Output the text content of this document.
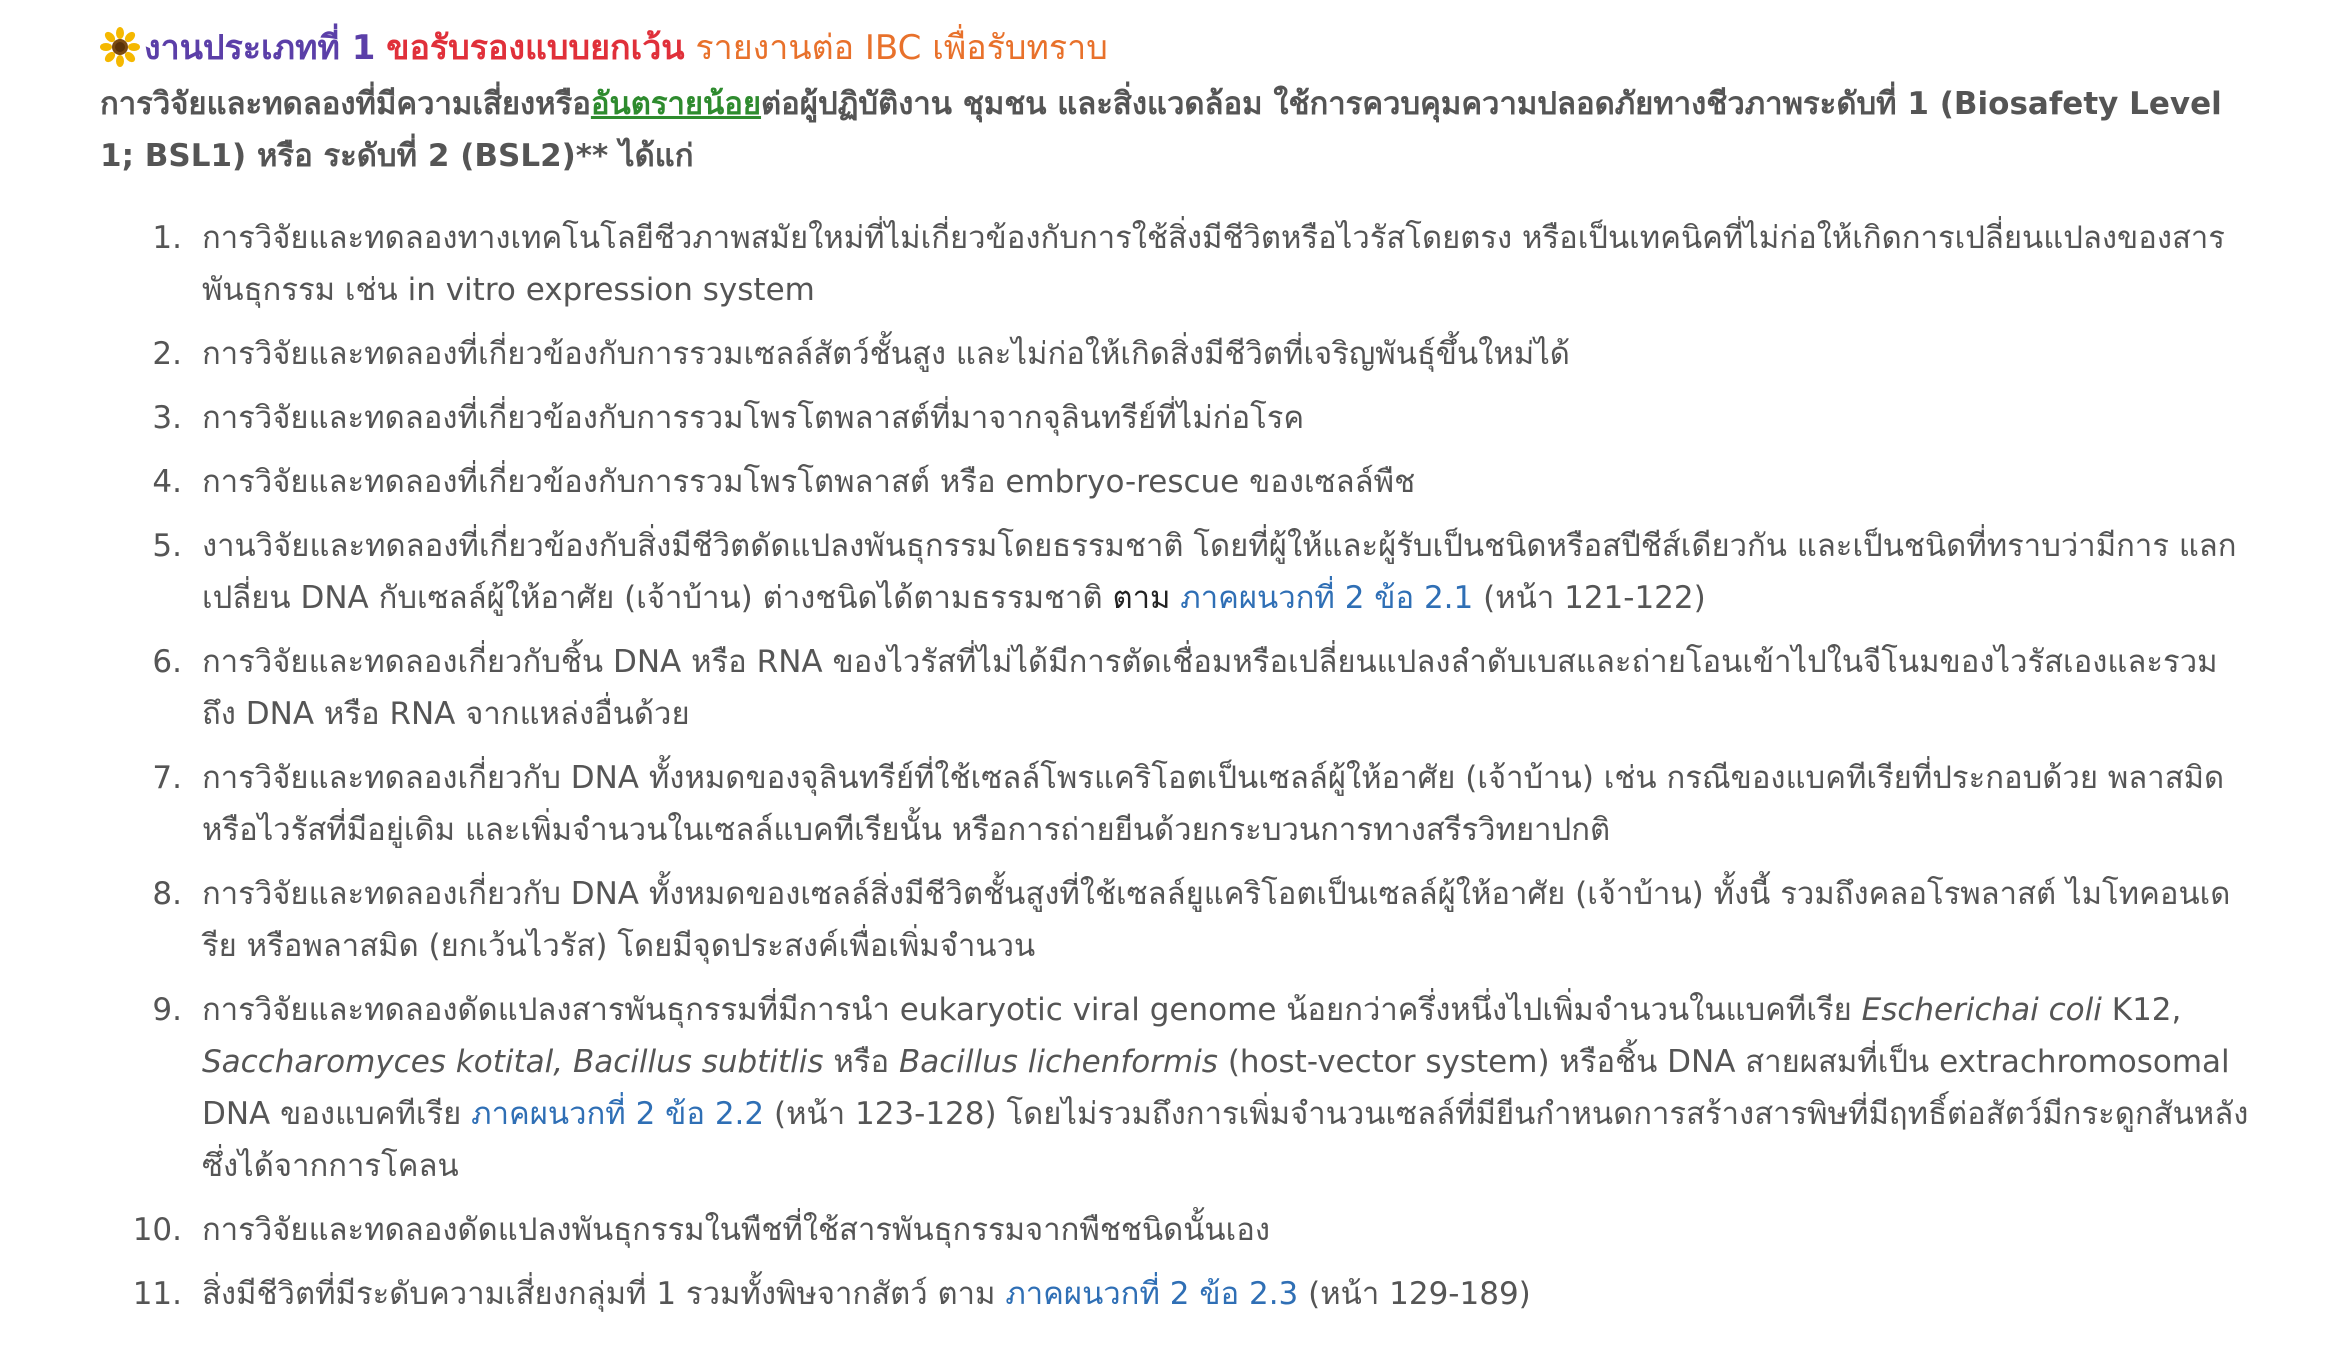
งานประเภทที่ 1 ขอรับรองแบบยกเว้น รายงานต่อ IBC เพื่อรับทราบ
การวิจัยและทดลองที่มีความเสี่ยงหรืออันตรายน้อยต่อผู้ปฏิบัติงาน ชุมชน และสิ่งแวดล้อม ใช้การควบคุมความปลอดภัยทางชีวภาพระดับที่ 1 (Biosafety Level 1; BSL1) หรือ ระดับที่ 2 (BSL2)** ได้แก่
1. การวิจัยและทดลองทางเทคโนโลยีชีวภาพสมัยใหม่ที่ไม่เกี่ยวข้องกับการใช้สิ่งมีชีวิตหรือไวรัสโดยตรง หรือเป็นเทคนิคที่ไม่ก่อให้เกิดการเปลี่ยนแปลงของสารพันธุกรรม เช่น in vitro expression system
2. การวิจัยและทดลองที่เกี่ยวข้องกับการรวมเซลล์สัตว์ชั้นสูง และไม่ก่อให้เกิดสิ่งมีชีวิตที่เจริญพันธุ์ขึ้นใหม่ได้
3. การวิจัยและทดลองที่เกี่ยวข้องกับการรวมโพรโตพลาสต์ที่มาจากจุลินทรีย์ที่ไม่ก่อโรค
4. การวิจัยและทดลองที่เกี่ยวข้องกับการรวมโพรโตพลาสต์ หรือ embryo-rescue ของเซลล์พืช
5. งานวิจัยและทดลองที่เกี่ยวข้องกับสิ่งมีชีวิตดัดแปลงพันธุกรรมโดยธรรมชาติ โดยที่ผู้ให้และผู้รับเป็นชนิดหรือสปีชีส์เดียวกัน และเป็นชนิดที่ทราบว่ามีการ แลกเปลี่ยน DNA กับเซลล์ผู้ให้อาศัย (เจ้าบ้าน) ต่างชนิดได้ตามธรรมชาติ ตาม ภาคผนวกที่ 2 ข้อ 2.1 (หน้า 121-122)
6. การวิจัยและทดลองเกี่ยวกับชิ้น DNA หรือ RNA ของไวรัสที่ไม่ได้มีการตัดเชื่อมหรือเปลี่ยนแปลงลำดับเบสและถ่ายโอนเข้าไปในจีโนมของไวรัสเองและรวมถึง DNA หรือ RNA จากแหล่งอื่นด้วย
7. การวิจัยและทดลองเกี่ยวกับ DNA ทั้งหมดของจุลินทรีย์ที่ใช้เซลล์โพรแคริโอตเป็นเซลล์ผู้ให้อาศัย (เจ้าบ้าน) เช่น กรณีของแบคทีเรียที่ประกอบด้วย พลาสมิดหรือไวรัสที่มีอยู่เดิม และเพิ่มจำนวนในเซลล์แบคทีเรียนั้น หรือการถ่ายยีนด้วยกระบวนการทางสรีรวิทยาปกติ
8. การวิจัยและทดลองเกี่ยวกับ DNA ทั้งหมดของเซลล์สิ่งมีชีวิตชั้นสูงที่ใช้เซลล์ยูแคริโอตเป็นเซลล์ผู้ให้อาศัย (เจ้าบ้าน) ทั้งนี้ รวมถึงคลอโรพลาสต์ ไมโทคอนเดรีย หรือพลาสมิด (ยกเว้นไวรัส) โดยมีจุดประสงค์เพื่อเพิ่มจำนวน
9. การวิจัยและทดลองดัดแปลงสารพันธุกรรมที่มีการนำ eukaryotic viral genome น้อยกว่าครึ่งหนึ่งไปเพิ่มจำนวนในแบคทีเรีย Escherichai coli K12, Saccharomyces kotital, Bacillus subtitlis หรือ Bacillus lichenformis (host-vector system) หรือชิ้น DNA สายผสมที่เป็น extrachromosomal DNA ของแบคทีเรีย ภาคผนวกที่ 2 ข้อ 2.2 (หน้า 123-128) โดยไม่รวมถึงการเพิ่มจำนวนเซลล์ที่มียีนกำหนดการสร้างสารพิษที่มีฤทธิ์ต่อสัตว์มีกระดูกสันหลังซึ่งได้จากการโคลน
10. การวิจัยและทดลองดัดแปลงพันธุกรรมในพืชที่ใช้สารพันธุกรรมจากพืชชนิดนั้นเอง
11. สิ่งมีชีวิตที่มีระดับความเสี่ยงกลุ่มที่ 1 รวมทั้งพิษจากสัตว์ ตาม ภาคผนวกที่ 2 ข้อ 2.3 (หน้า 129-189)
